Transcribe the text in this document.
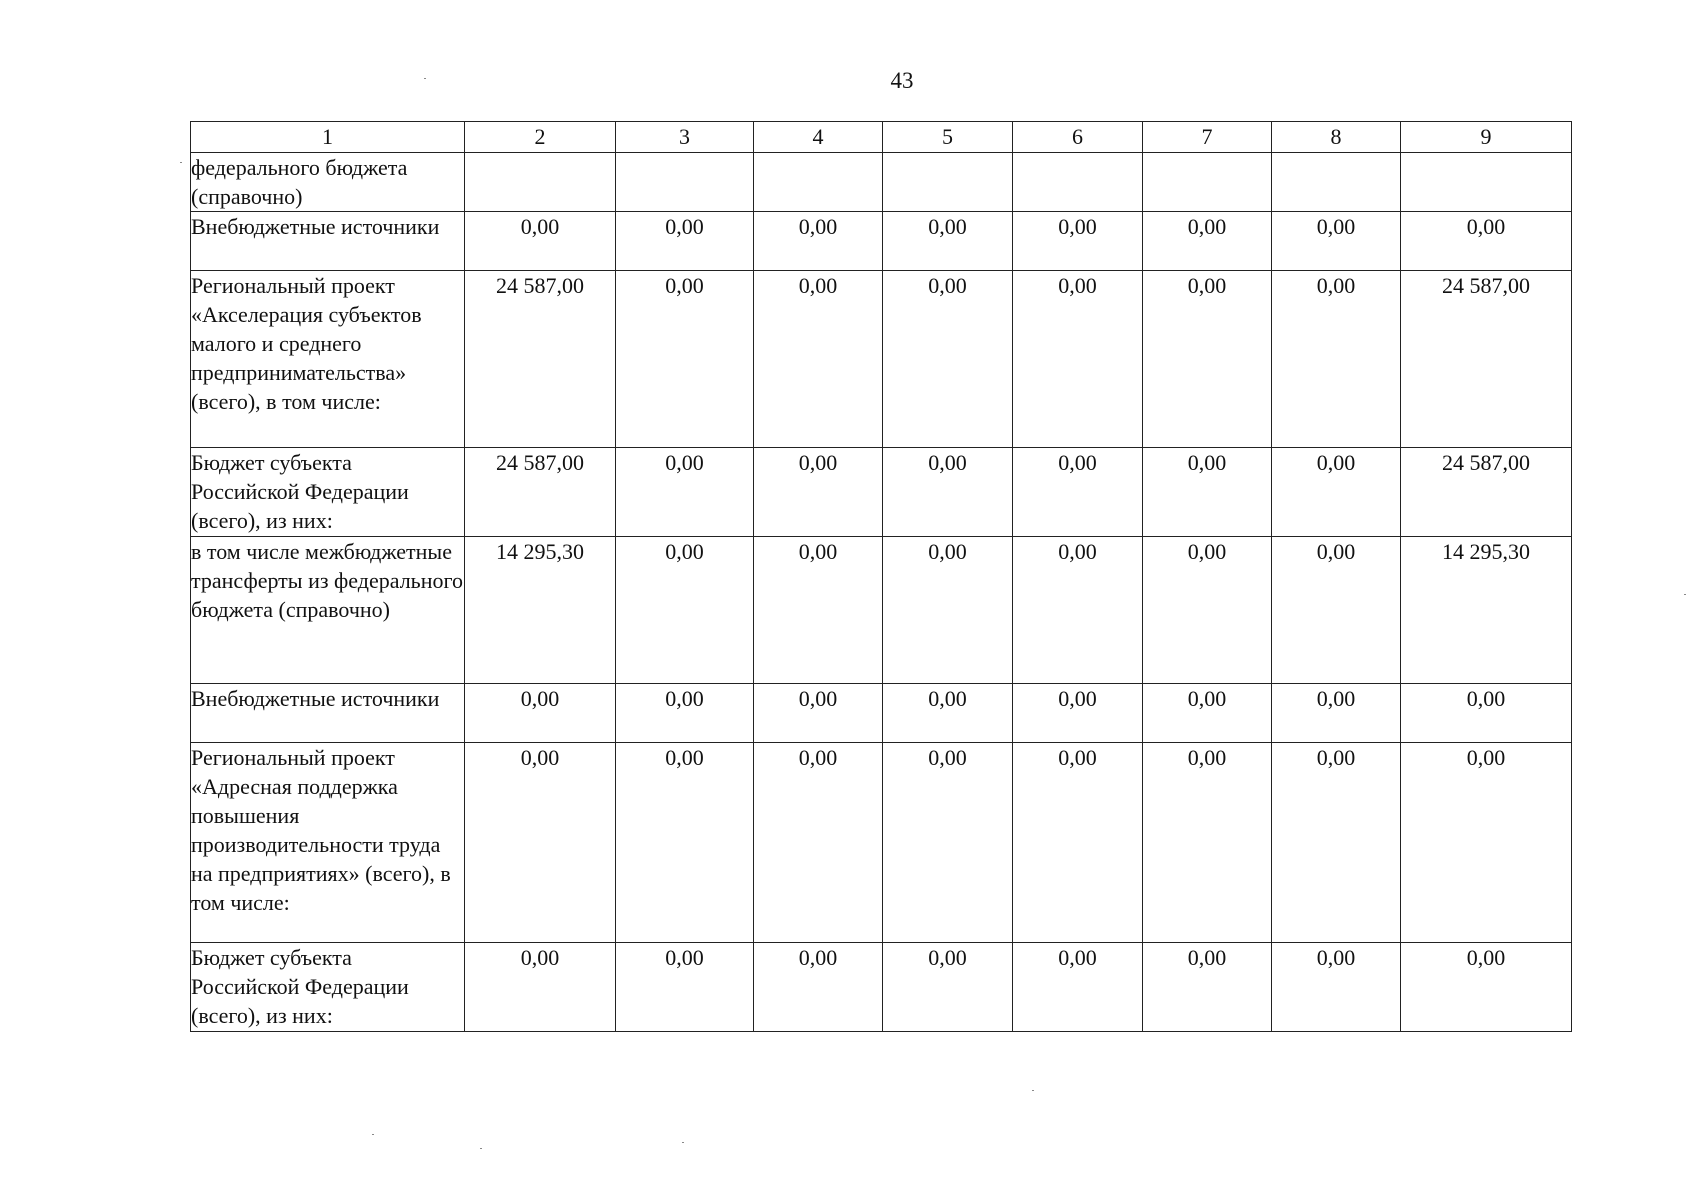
43
1	2	3	4	5	6	7	8	9
федерального бюджета (справочно)								
Внебюджетные источники	0,00	0,00	0,00	0,00	0,00	0,00	0,00	0,00
Региональный проект «Акселерация субъектов малого и среднего предпринимательства» (всего), в том числе:	24 587,00	0,00	0,00	0,00	0,00	0,00	0,00	24 587,00
Бюджет субъекта Российской Федерации (всего), из них:	24 587,00	0,00	0,00	0,00	0,00	0,00	0,00	24 587,00
в том числе межбюджетные трансферты из федерального бюджета (справочно)	14 295,30	0,00	0,00	0,00	0,00	0,00	0,00	14 295,30
Внебюджетные источники	0,00	0,00	0,00	0,00	0,00	0,00	0,00	0,00
Региональный проект «Адресная поддержка повышения производительности труда на предприятиях» (всего), в том числе:	0,00	0,00	0,00	0,00	0,00	0,00	0,00	0,00
Бюджет субъекта Российской Федерации (всего), из них:	0,00	0,00	0,00	0,00	0,00	0,00	0,00	0,00
